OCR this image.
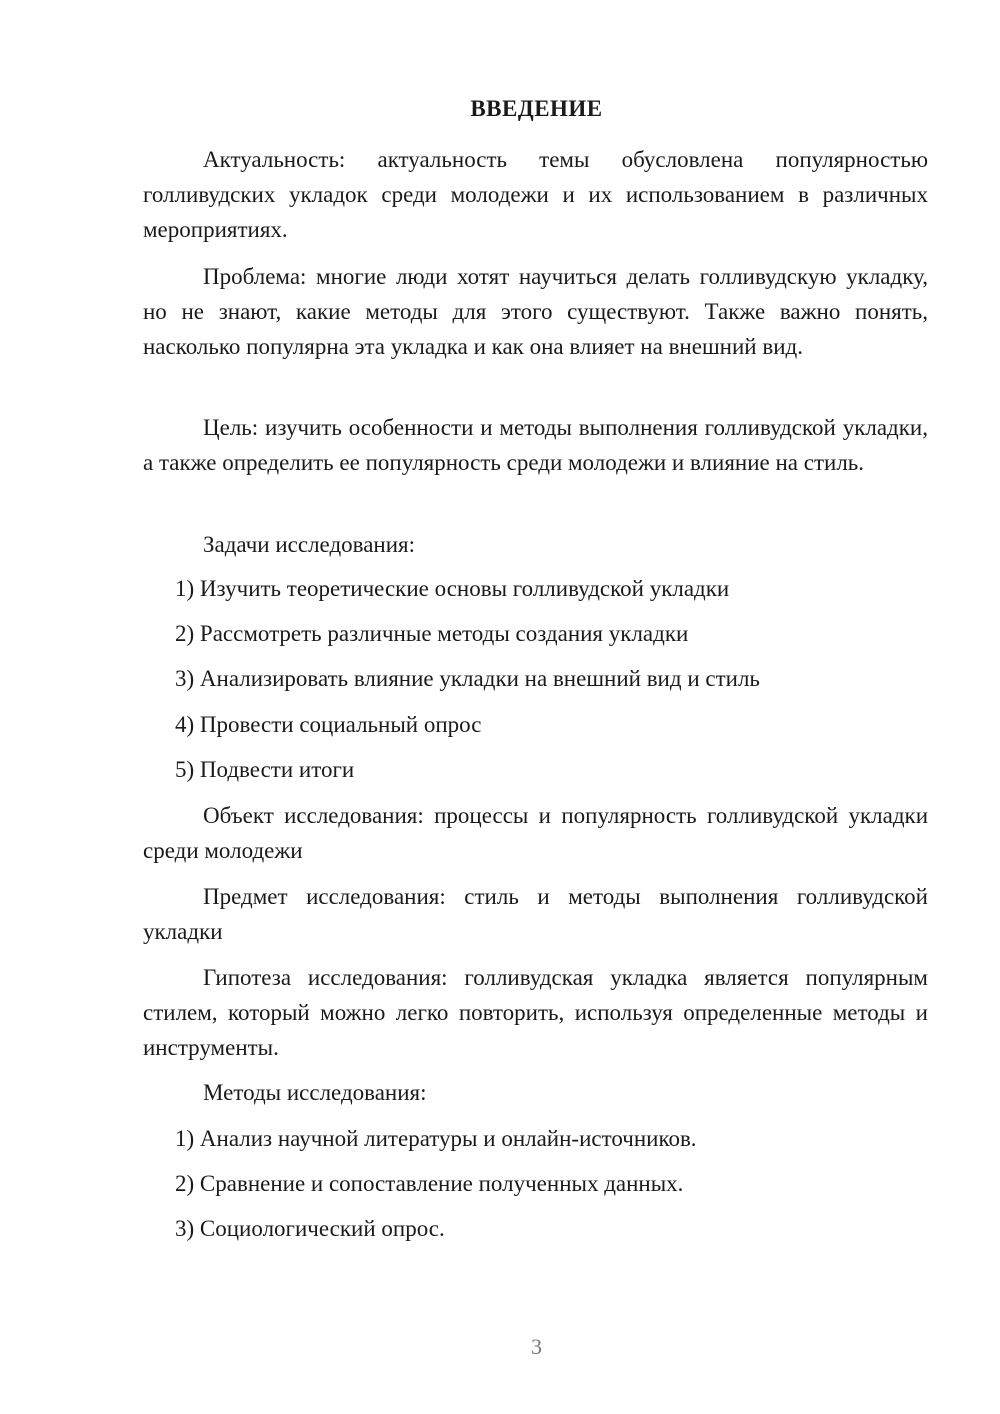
ВВЕДЕНИЕ

Актуальность: актуальность темы обусловлена популярностью голливудских укладок среди молодежи и их использованием в различных мероприятиях.

Проблема: многие люди хотят научиться делать голливудскую укладку, но не знают, какие методы для этого существуют. Также важно понять, насколько популярна эта укладка и как она влияет на внешний вид.

Цель: изучить особенности и методы выполнения голливудской укладки, а также определить ее популярность среди молодежи и влияние на стиль.

Задачи исследования:

1) Изучить теоретические основы голливудской укладки

2) Рассмотреть различные методы создания укладки

3) Анализировать влияние укладки на внешний вид и стиль

4) Провести социальный опрос

5) Подвести итоги

Объект исследования: процессы и популярность голливудской укладки среди молодежи

Предмет исследования: стиль и методы выполнения голливудской укладки

Гипотеза исследования: голливудская укладка является популярным стилем, который можно легко повторить, используя определенные методы и инструменты.

Методы исследования:

1) Анализ научной литературы и онлайн-источников.

2) Сравнение и сопоставление полученных данных.

3) Социологический опрос.

3
